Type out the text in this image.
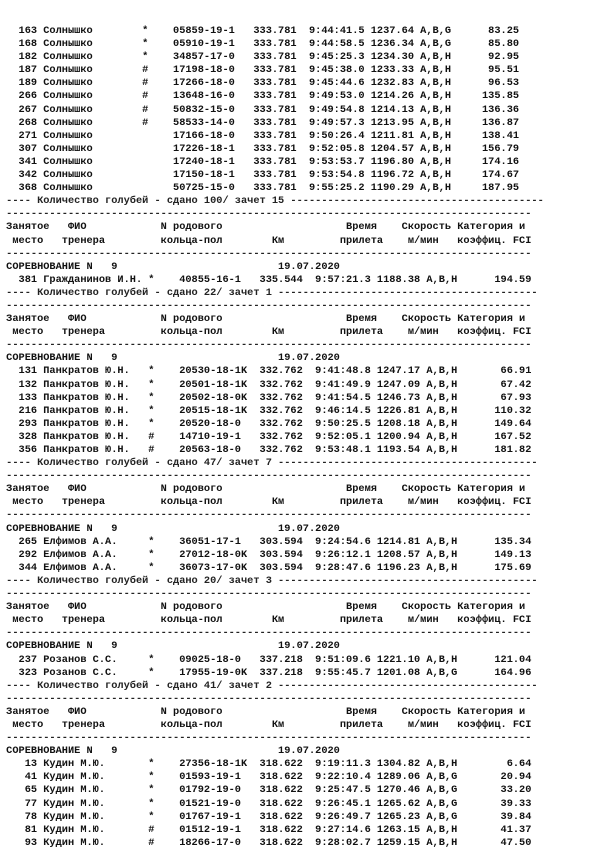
163 Солнышко        *    05859-19-1   333.781  9:44:41.5 1237.64 A,B,G      83.25
168 Солнышко        *    05910-19-1   333.781  9:44:58.5 1236.34 A,B,G      85.80
182 Солнышко        *    34857-17-0   333.781  9:45:25.3 1234.30 A,B,H      92.95
187 Солнышко        #    17198-18-0   333.781  9:45:38.0 1233.33 A,B,H      95.51
189 Солнышко        #    17266-18-0   333.781  9:45:44.6 1232.83 A,B,H      96.53
266 Солнышко        #    13648-16-0   333.781  9:49:53.0 1214.26 A,B,H     135.85
267 Солнышко        #    50832-15-0   333.781  9:49:54.8 1214.13 A,B,H     136.36
268 Солнышко        #    58533-14-0   333.781  9:49:57.3 1213.95 A,B,H     136.87
271 Солнышко             17166-18-0   333.781  9:50:26.4 1211.81 A,B,H     138.41
307 Солнышко             17226-18-1   333.781  9:52:05.8 1204.57 A,B,H     156.79
341 Солнышко             17240-18-1   333.781  9:53:53.7 1196.80 A,B,H     174.16
342 Солнышко             17150-18-1   333.781  9:53:54.8 1196.72 A,B,H     174.67
368 Солнышко             50725-15-0   333.781  9:55:25.2 1190.29 A,B,H     187.95
---- Количество голубей - сдано 100/ зачет 15 -----------------------------------------
-------------------------------------------------------------------------------------
Занятое   ФИО            N родового                    Время    Скорость Категория и
место   тренера         кольца-пол        Км         прилета    м/мин   коэффиц. FCI
-------------------------------------------------------------------------------------
СОРЕВНОВАНИЕ N   9                          19.07.2020
381 Гражданинов И.Н. *    40855-16-1   335.544  9:57:21.3 1188.38 A,B,H      194.59
---- Количество голубей - сдано 22/ зачет 1 ------------------------------------------
-------------------------------------------------------------------------------------
Занятое   ФИО            N родового                    Время    Скорость Категория и
место   тренера         кольца-пол        Км         прилета    м/мин   коэффиц. FCI
-------------------------------------------------------------------------------------
СОРЕВНОВАНИЕ N   9                          19.07.2020
131 Панкратов Ю.Н.   *    20530-18-1K  332.762  9:41:48.8 1247.17 A,B,H       66.91
132 Панкратов Ю.Н.   *    20501-18-1K  332.762  9:41:49.9 1247.09 A,B,H       67.42
133 Панкратов Ю.Н.   *    20502-18-0K  332.762  9:41:54.5 1246.73 A,B,H       67.93
216 Панкратов Ю.Н.   *    20515-18-1K  332.762  9:46:14.5 1226.81 A,B,H      110.32
293 Панкратов Ю.Н.   *    20520-18-0   332.762  9:50:25.5 1208.18 A,B,H      149.64
328 Панкратов Ю.Н.   #    14710-19-1   332.762  9:52:05.1 1200.94 A,B,H      167.52
356 Панкратов Ю.Н.   #    20563-18-0   332.762  9:53:48.1 1193.54 A,B,H      181.82
---- Количество голубей - сдано 47/ зачет 7 ------------------------------------------
-------------------------------------------------------------------------------------
Занятое   ФИО            N родового                    Время    Скорость Категория и
место   тренера         кольца-пол        Км         прилета    м/мин   коэффиц. FCI
-------------------------------------------------------------------------------------
СОРЕВНОВАНИЕ N   9                          19.07.2020
265 Елфимов А.А.     *    36051-17-1   303.594  9:24:54.6 1214.81 A,B,H      135.34
292 Елфимов А.А.     *    27012-18-0K  303.594  9:26:12.1 1208.57 A,B,H      149.13
344 Елфимов А.А.     *    36073-17-0K  303.594  9:28:47.6 1196.23 A,B,H      175.69
---- Количество голубей - сдано 20/ зачет 3 ------------------------------------------
-------------------------------------------------------------------------------------
Занятое   ФИО            N родового                    Время    Скорость Категория и
место   тренера         кольца-пол        Км         прилета    м/мин   коэффиц. FCI
-------------------------------------------------------------------------------------
СОРЕВНОВАНИЕ N   9                          19.07.2020
237 Розанов С.С.     *    09025-18-0   337.218  9:51:09.6 1221.10 A,B,H      121.04
323 Розанов С.С.     *    17955-19-0K  337.218  9:55:45.7 1201.08 A,B,G      164.96
---- Количество голубей - сдано 41/ зачет 2 ------------------------------------------
-------------------------------------------------------------------------------------
Занятое   ФИО            N родового                    Время    Скорость Категория и
место   тренера         кольца-пол        Км         прилета    м/мин   коэффиц. FCI
-------------------------------------------------------------------------------------
СОРЕВНОВАНИЕ N   9                          19.07.2020
13 Кудин М.Ю.       *    27356-18-1K  318.622  9:19:11.3 1304.82 A,B,H        6.64
41 Кудин М.Ю.       *    01593-19-1   318.622  9:22:10.4 1289.06 A,B,G       20.94
65 Кудин М.Ю.       *    01792-19-0   318.622  9:25:47.5 1270.46 A,B,G       33.20
77 Кудин М.Ю.       *    01521-19-0   318.622  9:26:45.1 1265.62 A,B,G       39.33
78 Кудин М.Ю.       *    01767-19-1   318.622  9:26:49.7 1265.23 A,B,G       39.84
81 Кудин М.Ю.       #    01512-19-1   318.622  9:27:14.6 1263.15 A,B,H       41.37
93 Кудин М.Ю.       #    18266-17-0   318.622  9:28:02.7 1259.15 A,B,H       47.50
